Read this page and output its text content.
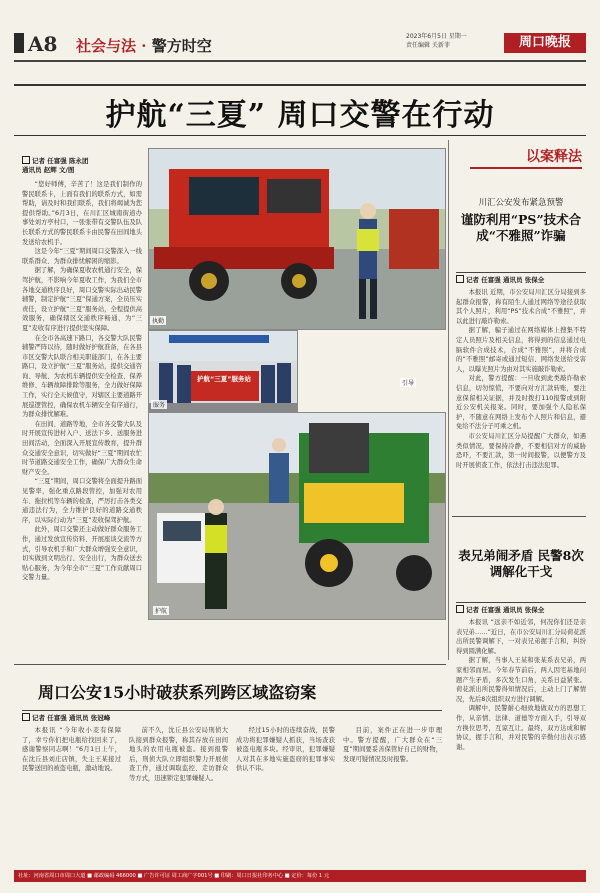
A8 社会与法 · 警方时空
2023年6月5日 星期一
责任编辑 关新菲	周口晚报
护航“三夏” 周口交警在行动
记者 任富强 陈永团
通讯员 赵辉 文/图

“您好师傅，辛苦了！这是我们制作的警民联系卡，上面有我们的联系方式，如需帮助，请及时和我们联系，我们将竭诚为您提供帮助。”6月3日，在川汇区城南街道办事处刘方亭村口，一张张带有交警队伍及队长联系方式的警民联系卡由民警在田间地头发送给农机手。

这是今年“三夏”期间周口交警深入一线联系群众、为群众排忧解困的缩影。

据了解，为确保夏收农机通行安全，保驾护航，不影响今年夏收工作，为我们全市各地交通秩序良好，周口交警实际出动民警辅警，制定护航“三夏”保通方案，全员压实责任，设立护航“三夏”服务站，全程提供高效服务，确保辖区交通秩序畅通，为“三夏”麦收有序进行提供坚实保障。

在全市各高速下路口，各交警大队民警辅警严阵以待，随时做好护航准备，在各县市区交警大队联合相关职能部门，在各主要路口，设立护航“三夏”服务站，提供交通咨询、导航、为农机车辆提供安全检查、保养维修、车辆故障排除等服务，全力做好保障工作，实行全天候值守，对辖区主要道路开展巡逻管控，确保农机车辆安全有序通行，为群众排忧解难。

在田间、道路等地，全市各交警大队及时开展宣传进村入户、送法下乡、送服务进田间活动，全面深入开展宣传教育，提升群众交通安全意识，切实做好“三夏”期间农忙时节道路交通安全工作，确保广大群众生命财产安全。

“三夏”期间，周口交警将全面提升路面见警率，强化重点路段管控，加强对农用车、拖拉机等车辆的检查，严厉打击各类交通违法行为，全力维护良好的道路交通秩序，以实际行动为“三夏”麦收保驾护航。

此外，周口交警还主动做好群众服务工作，通过发放宣传资料、开展座谈交流等方式，引导农机手和广大群众增强安全意识，切实做到文明出行、安全出行，为群众送去贴心服务，为今年全市“三夏”工作贡献周口交警力量。

护航“三夏”服务站
服务
执勤
引导
护航
以案释法
川汇公安发布紧急预警
谨防利用“PS”技术合成“不雅照”诈骗
记者 任富强 通讯员 张保全

本报讯 近期，市公安局川汇区分局接到多起群众报警，称有陌生人通过网络等途径获取其个人照片，利用“PS”技术合成“不雅照”，并以此进行敲诈勒索。

据了解，骗子通过在网络媒体上搜集不特定人员照片及相关信息，将得到的信息通过电脑软件合成技术，合成“不雅照”，并将合成的“不雅照”邮寄或通过短信、网络发送给受害人，以曝光照片为由对其实施敲诈勒索。

对此，警方提醒：一旦收到此类敲诈勒索信息，切勿惊慌，不要向对方汇款转账，要注意保留相关证据，并及时拨打110报警或到附近公安机关报案。同时，要加强个人隐私保护，不随意在网络上发布个人照片和信息，避免给不法分子可乘之机。

市公安局川汇区分局提醒广大群众，如遇类似情况，要保持冷静，不要相信对方的威胁恐吓，不要汇款，第一时间报警，以便警方及时开展侦查工作，依法打击违法犯罪。

表兄弟闹矛盾 民警8次调解化干戈
记者 任富强 通讯员 张保全

本报讯 “远亲不如近邻，何况你们还是亲表兄弟……”近日，在市公安局川汇分局荷花派出所民警调解下，一对表兄弟握手言和，纠纷得到圆满化解。

据了解，当事人王某和张某系表兄弟，两家相邻而居。今年春节前后，两人因宅基地问题产生矛盾，多次发生口角，关系日益紧张。荷花派出所民警得知情况后，主动上门了解情况，先后8次组织双方进行调解。

调解中，民警耐心细致地做双方的思想工作，从亲情、法律、道德等方面入手，引导双方换位思考，互谅互让。最终，双方达成和解协议，握手言和，并对民警的辛勤付出表示感谢。

周口公安15小时破获系列跨区域盗窃案
记者 任富强 通讯员 张冠峰

本报讯 “今年收小麦有保障了，幸亏你们把电瓶给找回来了，感谢警察同志啊！”6月1日上午，在沈丘县刘庄店镇，失主王某接过民警送回的被盗电瓶，激动地说。

前不久，沈丘县公安局刑侦大队接到群众报警，称其存放在田间地头的农用电瓶被盗。接到报警后，刑侦大队立即组织警力开展侦查工作，通过调取监控、走访群众等方式，迅速锁定犯罪嫌疑人。

经过15小时的连续奋战，民警成功将犯罪嫌疑人抓获，当场查获被盗电瓶多块。经审讯，犯罪嫌疑人对其在多地实施盗窃的犯罪事实供认不讳。

目前，案件正在进一步审理中。警方提醒，广大群众在“三夏”期间要妥善保管好自己的财物，发现可疑情况及时报警。

社址：河南省周口市周口大道 ■ 邮政编码 466000 ■ 广告许可证 周工商广字001号 ■ 印刷：周口日报社印务中心 ■ 定价：每份 1 元
